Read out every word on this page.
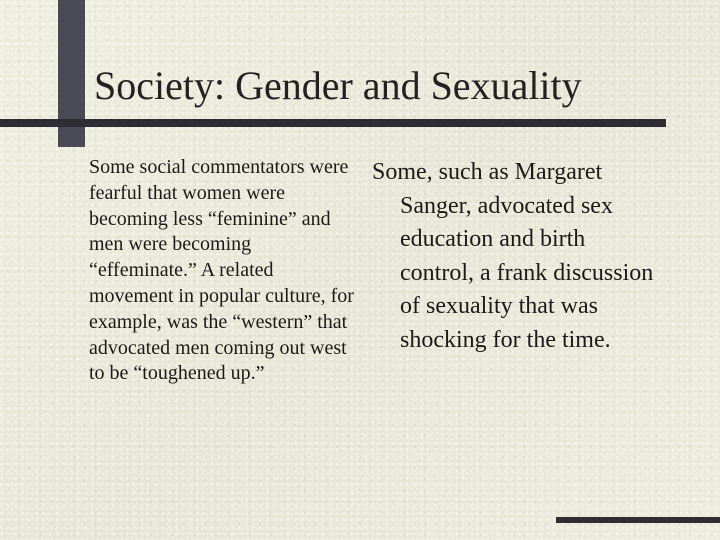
Society: Gender and Sexuality

Some social commentators were fearful that women were becoming less “feminine” and men were becoming “effeminate.” A related movement in popular culture, for example, was the “western” that advocated men coming out west to be “toughened up.”

Some, such as Margaret Sanger, advocated sex education and birth control, a frank discussion of sexuality that was shocking for the time.
